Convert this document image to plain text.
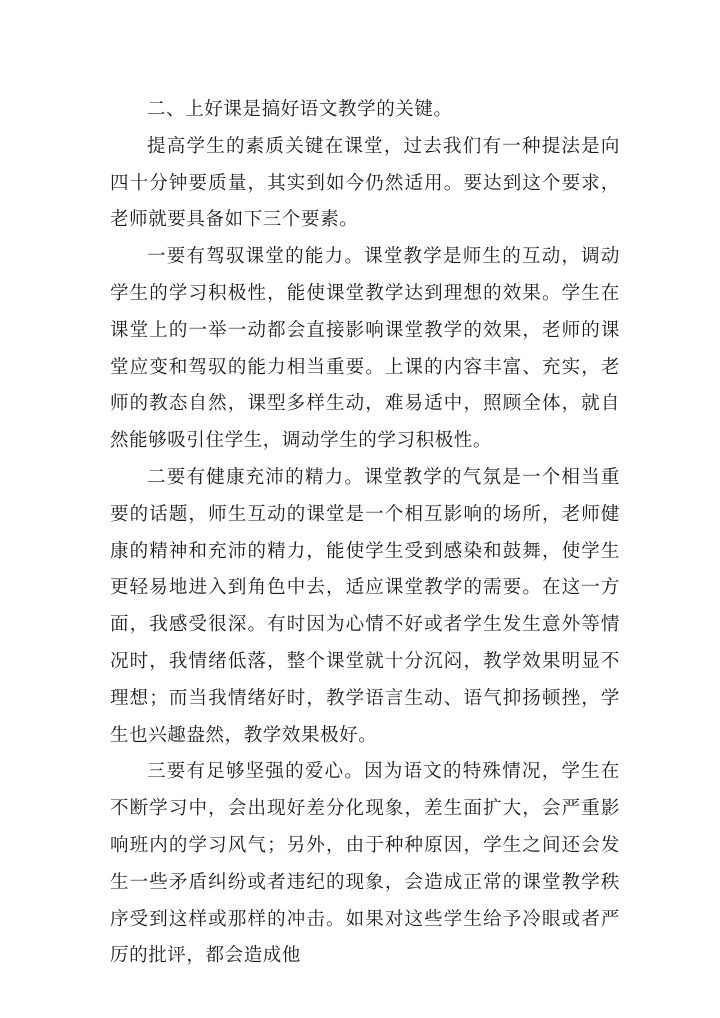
二、上好课是搞好语文教学的关键。

提高学生的素质关键在课堂，过去我们有一种提法是向四十分钟要质量，其实到如今仍然适用。要达到这个要求，老师就要具备如下三个要素。

一要有驾驭课堂的能力。课堂教学是师生的互动，调动学生的学习积极性，能使课堂教学达到理想的效果。学生在课堂上的一举一动都会直接影响课堂教学的效果，老师的课堂应变和驾驭的能力相当重要。上课的内容丰富、充实，老师的教态自然，课型多样生动，难易适中，照顾全体，就自然能够吸引住学生，调动学生的学习积极性。

二要有健康充沛的精力。课堂教学的气氛是一个相当重要的话题，师生互动的课堂是一个相互影响的场所，老师健康的精神和充沛的精力，能使学生受到感染和鼓舞，使学生更轻易地进入到角色中去，适应课堂教学的需要。在这一方面，我感受很深。有时因为心情不好或者学生发生意外等情况时，我情绪低落，整个课堂就十分沉闷，教学效果明显不理想；而当我情绪好时，教学语言生动、语气抑扬顿挫，学生也兴趣盎然，教学效果极好。

三要有足够坚强的爱心。因为语文的特殊情况，学生在不断学习中，会出现好差分化现象，差生面扩大，会严重影响班内的学习风气；另外，由于种种原因，学生之间还会发生一些矛盾纠纷或者违纪的现象，会造成正常的课堂教学秩序受到这样或那样的冲击。如果对这些学生给予冷眼或者严厉的批评，都会造成他
